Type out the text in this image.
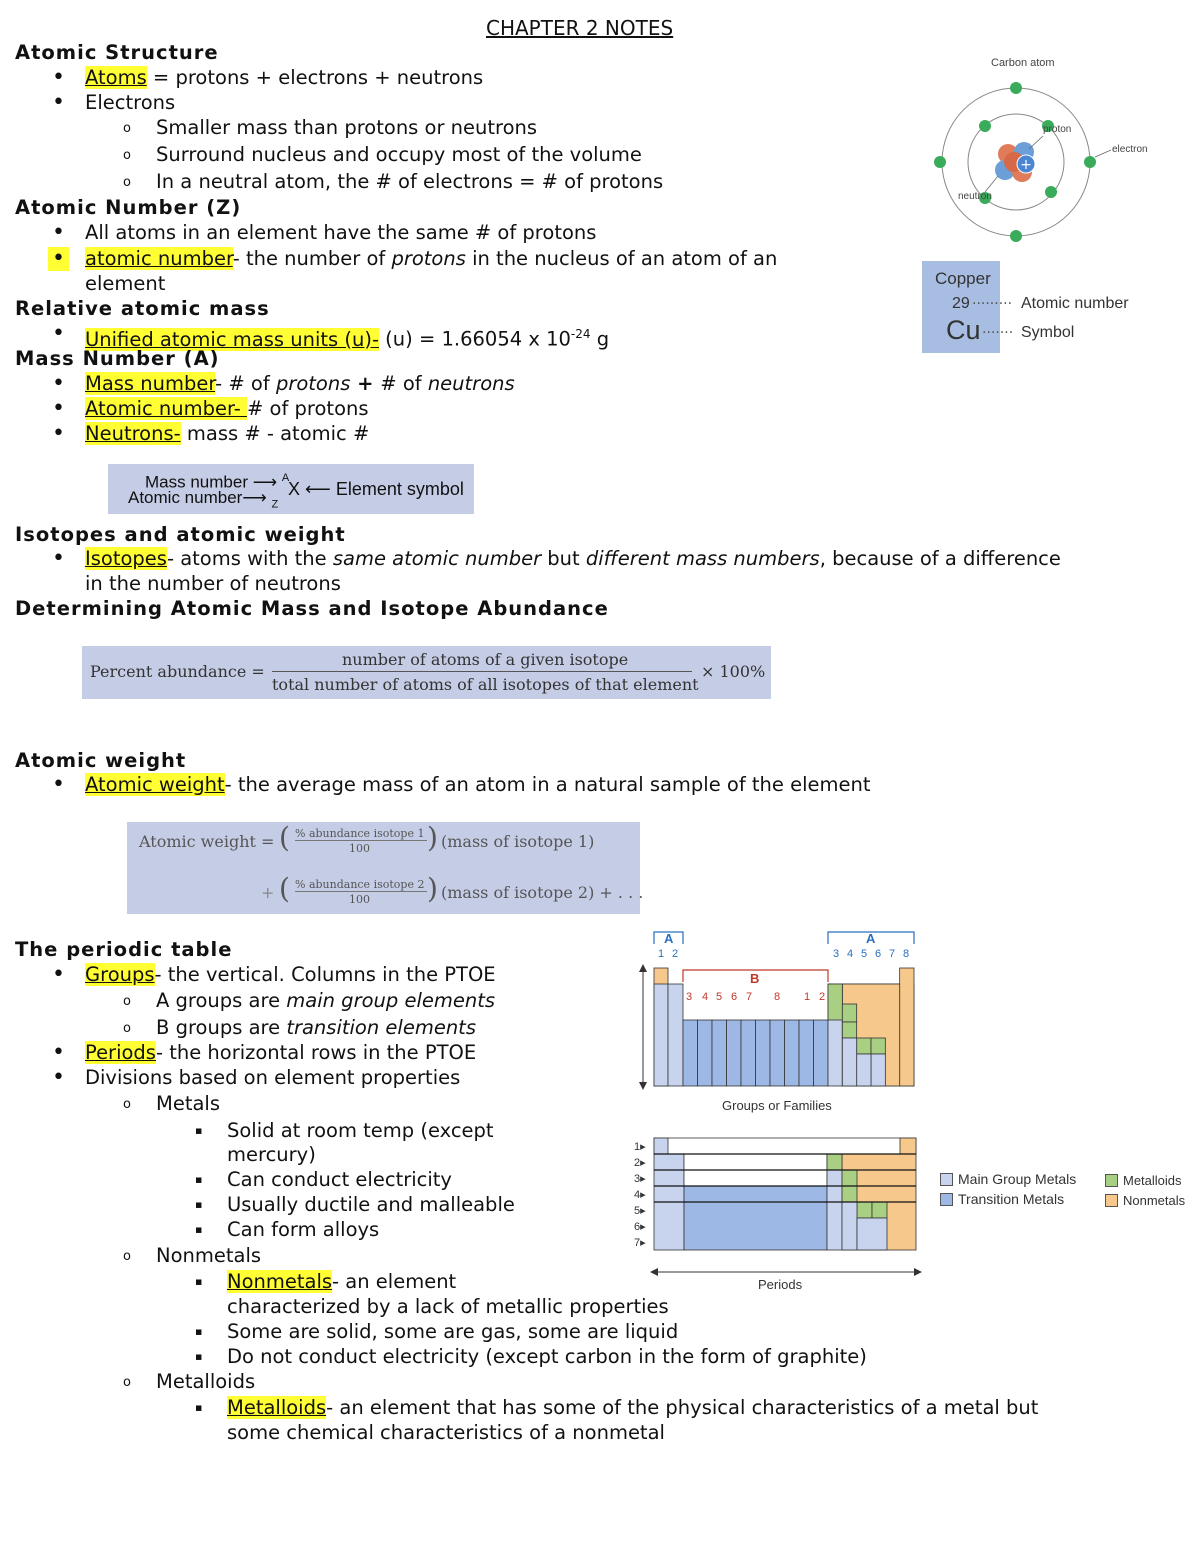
CHAPTER 2 NOTES
Atomic Structure
• Atoms = protons + electrons + neutrons
• Electrons
o Smaller mass than protons or neutrons
o Surround nucleus and occupy most of the volume
o In a neutral atom, the # of electrons = # of protons
Atomic Number (Z)
• All atoms in an element have the same # of protons
• atomic number- the number of protons in the nucleus of an atom of an
element
Relative atomic mass
• Unified atomic mass units (u)- (u) = 1.66054 x $10^{-24}$ g
Mass Number (A)
• Mass number- # of protons + # of neutrons
• Atomic number- # of protons
• Neutrons- mass # - atomic #
Mass number ⟶ $^A$
Atomic number⟶ $_Z$
X ⟵ Element symbol
Isotopes and atomic weight
• Isotopes- atoms with the same atomic number but different mass numbers, because of a difference
in the number of neutrons
Determining Atomic Mass and Isotope Abundance
Percent abundance =
number of atoms of a given isotope
total number of atoms of all isotopes of that element
× 100%
Atomic weight
• Atomic weight- the average mass of an atom in a natural sample of the element
Atomic weight = ( % abundance isotope 1
100 ) (mass of isotope 1)
+ ( % abundance isotope 2
100 ) (mass of isotope 2) + . . .
The periodic table
• Groups- the vertical. Columns in the PTOE
o A groups are main group elements
o B groups are transition elements
• Periods- the horizontal rows in the PTOE
• Divisions based on element properties
o Metals
▪ Solid at room temp (except
mercury)
▪ Can conduct electricity
▪ Usually ductile and malleable
▪ Can form alloys
o Nonmetals
▪ Nonmetals- an element
characterized by a lack of metallic properties
▪ Some are solid, some are gas, some are liquid
▪ Do not conduct electricity (except carbon in the form of graphite)
o Metalloids
▪ Metalloids- an element that has some of the physical characteristics of a metal but
some chemical characteristics of a nonmetal
Carbon atom
+
proton
electron
neutron
Copper
29
Cu
·········
·······
Atomic number
Symbol
A	A
1 2	3 4 5 6 7 8
B
3 4 5 6 7 8 1 2
Groups or Families
1▸
2▸
3▸
4▸
5▸
6▸
7▸
Periods
Main Group Metals
Transition Metals
Metalloids
Nonmetals
